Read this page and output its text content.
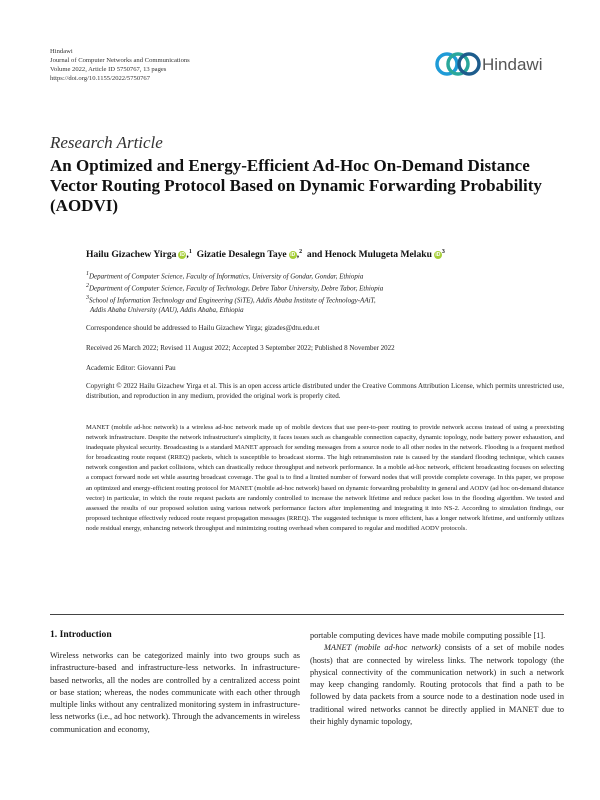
Hindawi
Journal of Computer Networks and Communications
Volume 2022, Article ID 5750767, 13 pages
https://doi.org/10.1155/2022/5750767
Hindawi
Research Article
An Optimized and Energy-Efficient Ad-Hoc On-Demand Distance Vector Routing Protocol Based on Dynamic Forwarding Probability (AODVI)
Hailu Gizachew Yirga iD ,$^1$ Gizatie Desalegn Taye iD ,$^2$ and Henock Mulugeta Melaku $iD^3$
$^1$Department of Computer Science, Faculty of Informatics, University of Gondar, Gondar, Ethiopia
$^2$Department of Computer Science, Faculty of Technology, Debre Tabor University, Debre Tabor, Ethiopia
$^3$School of Information Technology and Engineering (SiTE), Addis Ababa Institute of Technology-AAiT,
Addis Ababa University (AAU), Addis Ababa, Ethiopia
Correspondence should be addressed to Hailu Gizachew Yirga; gizades@dtu.edu.et
Received 26 March 2022; Revised 11 August 2022; Accepted 3 September 2022; Published 8 November 2022
Academic Editor: Giovanni Pau
Copyright © 2022 Hailu Gizachew Yirga et al. This is an open access article distributed under the Creative Commons Attribution License, which permits unrestricted use, distribution, and reproduction in any medium, provided the original work is properly cited.
MANET (mobile ad-hoc network) is a wireless ad-hoc network made up of mobile devices that use peer-to-peer routing to provide network access instead of using a preexisting network infrastructure. Despite the network infrastructure's simplicity, it faces issues such as changeable connection capacity, dynamic topology, node battery power exhaustion, and inadequate physical security. Broadcasting is a standard MANET approach for sending messages from a source node to all other nodes in the network. Flooding is a frequent method for broadcasting route request (RREQ) packets, which is susceptible to broadcast storms. The high retransmission rate is caused by the standard flooding technique, which causes network congestion and packet collisions, which can drastically reduce throughput and network performance. In a mobile ad-hoc network, efficient broadcasting focuses on selecting a compact forward node set while assuring broadcast coverage. The goal is to find a limited number of forward nodes that will provide complete coverage. In this paper, we propose an optimized and energy-efficient routing protocol for MANET (mobile ad-hoc network) based on dynamic forwarding probability in general and AODV (ad hoc on-demand distance vector) in particular, in which the route request packets are randomly controlled to increase the network lifetime and reduce packet loss in the flooding algorithm. We tested and assessed the results of our proposed solution using various network performance factors after implementing and integrating it into NS-2. According to simulation findings, our proposed technique effectively reduced route request propagation messages (RREQ). The suggested technique is more efficient, has a longer network lifetime, and uniformly utilizes node residual energy, enhancing network throughput and minimizing routing overhead when compared to regular and modified AODV protocols.
1. Introduction
Wireless networks can be categorized mainly into two groups such as infrastructure-based and infrastructure-less networks. In infrastructure-based networks, all the nodes are controlled by a centralized access point or base station; whereas, the nodes communicate with each other through multiple links without any centralized monitoring system in infrastructure-less networks (i.e., ad hoc network). Through the advancements in wireless communication and economy,
portable computing devices have made mobile computing possible [1].
MANET (mobile ad-hoc network) consists of a set of mobile nodes (hosts) that are connected by wireless links. The network topology (the physical connectivity of the communication network) in such a network may keep changing randomly. Routing protocols that find a path to be followed by data packets from a source node to a destination node used in traditional wired networks cannot be directly applied in MANET due to their highly dynamic topology,
